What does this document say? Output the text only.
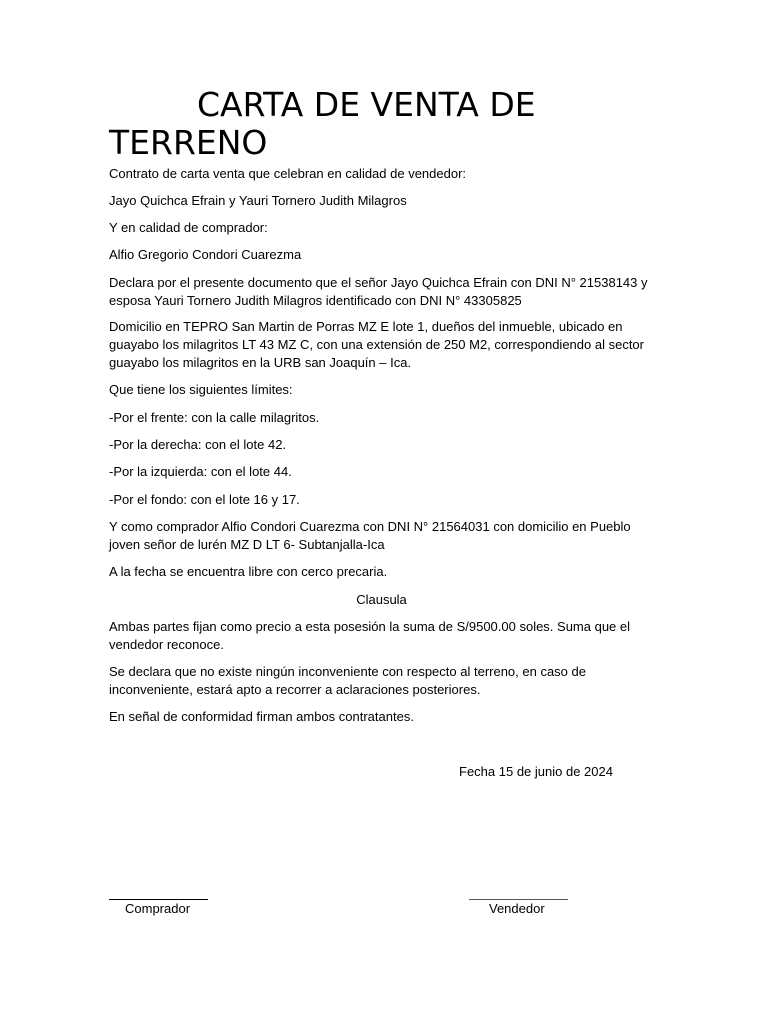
CARTA DE VENTA DE
TERRENO

Contrato de carta venta que celebran en calidad de vendedor:

Jayo Quichca Efrain y Yauri Tornero Judith Milagros

Y en calidad de comprador:

Alfio Gregorio Condori Cuarezma

Declara por el presente documento que el señor Jayo Quichca Efrain con DNI N° 21538143 y esposa Yauri Tornero Judith Milagros identificado con DNI N° 43305825

Domicilio en TEPRO San Martin de Porras MZ E lote 1, dueños del inmueble, ubicado en guayabo los milagritos LT 43 MZ C, con una extensión de 250 M2, correspondiendo al sector guayabo los milagritos en la URB san Joaquín – Ica.

Que tiene los siguientes límites:

-Por el frente: con la calle milagritos.

-Por la derecha: con el lote 42.

-Por la izquierda: con el lote 44.

-Por el fondo: con el lote 16 y 17.

Y como comprador Alfio Condori Cuarezma con DNI N° 21564031 con domicilio en Pueblo joven señor de lurén MZ D LT 6- Subtanjalla-Ica

A la fecha se encuentra libre con cerco precaria.

Clausula

Ambas partes fijan como precio a esta posesión la suma de S/9500.00 soles. Suma que el vendedor reconoce.

Se declara que no existe ningún inconveniente con respecto al terreno, en caso de inconveniente, estará apto a recorrer a aclaraciones posteriores.

En señal de conformidad firman ambos contratantes.

Fecha 15 de junio de 2024
Comprador	Vendedor
